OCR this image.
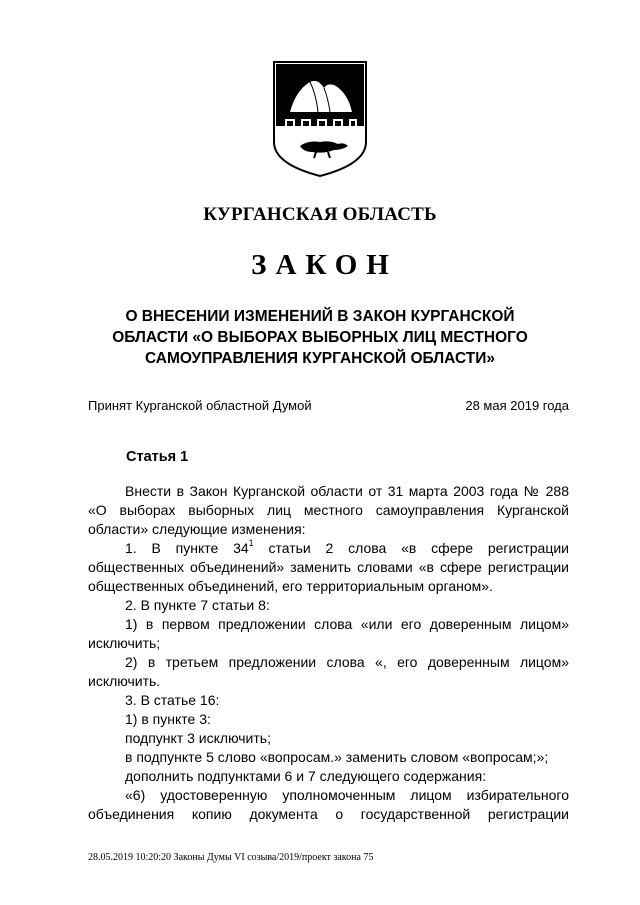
КУРГАНСКАЯ ОБЛАСТЬ
ЗАКОН
О ВНЕСЕНИИ ИЗМЕНЕНИЙ В ЗАКОН КУРГАНСКОЙ
ОБЛАСТИ «О ВЫБОРАХ ВЫБОРНЫХ ЛИЦ МЕСТНОГО
САМОУПРАВЛЕНИЯ КУРГАНСКОЙ ОБЛАСТИ»
Принят Курганской областной Думой	28 мая 2019 года
Статья 1
Внести в Закон Курганской области от 31 марта 2003 года № 288 «О выборах выборных лиц местного самоуправления Курганской области» следующие изменения:
1. В пункте $34^1$ статьи 2 слова «в сфере регистрации общественных объединений» заменить словами «в сфере регистрации общественных объединений, его территориальным органом».
2. В пункте 7 статьи 8:
1) в первом предложении слова «или его доверенным лицом» исключить;
2) в третьем предложении слова «, его доверенным лицом» исключить.
3. В статье 16:
1) в пункте 3:
подпункт 3 исключить;
в подпункте 5 слово «вопросам.» заменить словом «вопросам;»;
дополнить подпунктами 6 и 7 следующего содержания:
«6) удостоверенную уполномоченным лицом избирательного объединения копию документа о государственной регистрации
28.05.2019 10:20:20 Законы Думы VI созыва/2019/проект закона 75
